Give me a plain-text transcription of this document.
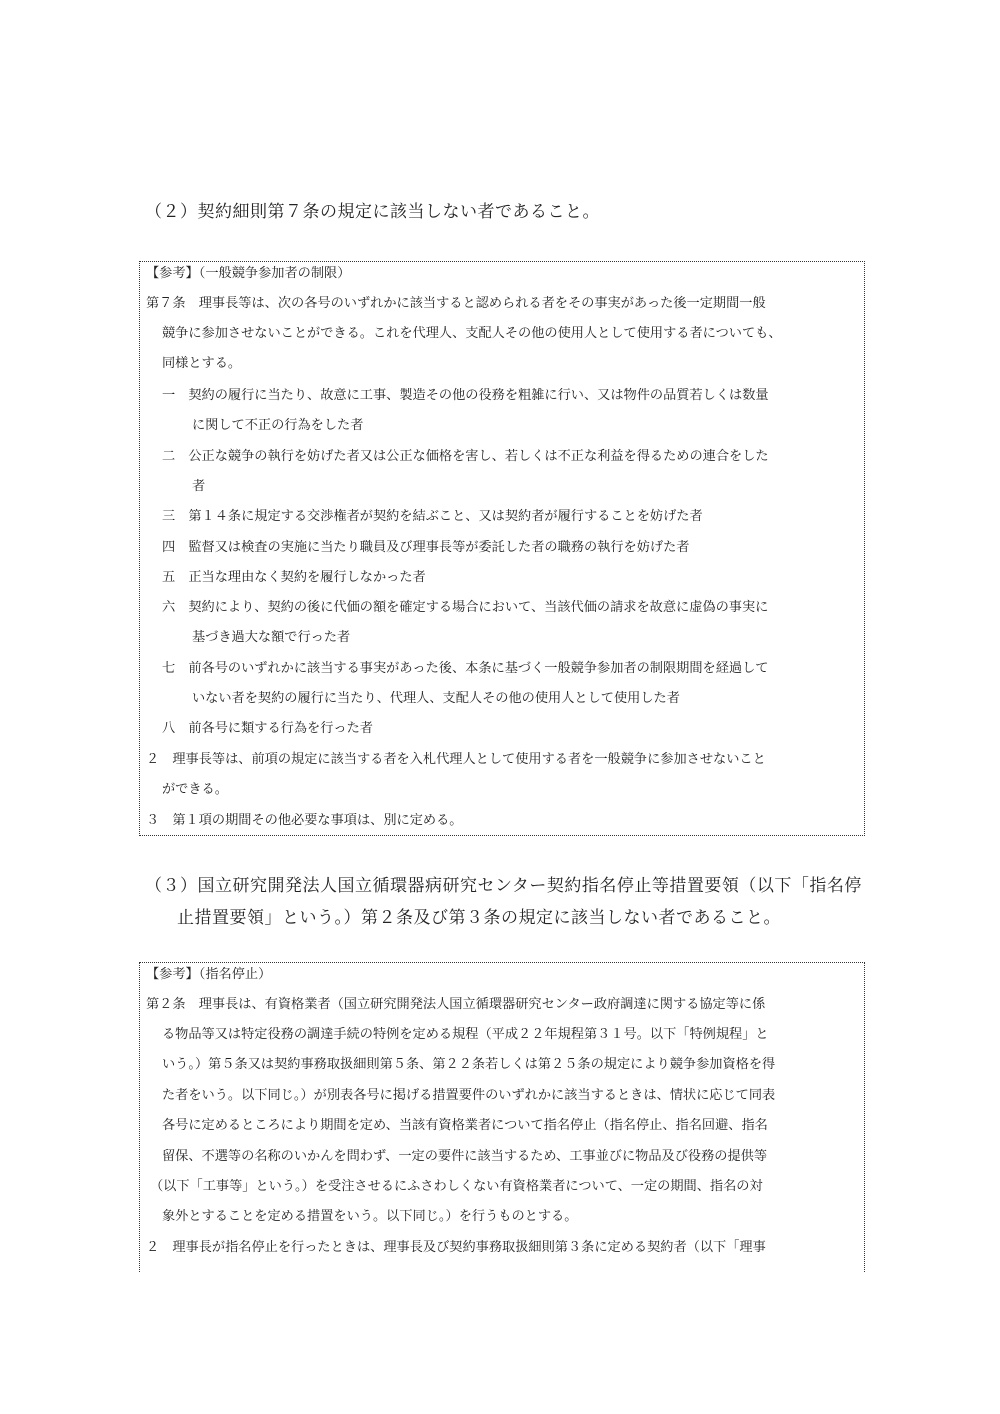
（２）契約細則第７条の規定に該当しない者であること。
【参考】（一般競争参加者の制限）
第７条　理事長等は、次の各号のいずれかに該当すると認められる者をその事実があった後一定期間一般
競争に参加させないことができる。これを代理人、支配人その他の使用人として使用する者についても、
同様とする。
一　契約の履行に当たり、故意に工事、製造その他の役務を粗雑に行い、又は物件の品質若しくは数量
に関して不正の行為をした者
二　公正な競争の執行を妨げた者又は公正な価格を害し、若しくは不正な利益を得るための連合をした
者
三　第１４条に規定する交渉権者が契約を結ぶこと、又は契約者が履行することを妨げた者
四　監督又は検査の実施に当たり職員及び理事長等が委託した者の職務の執行を妨げた者
五　正当な理由なく契約を履行しなかった者
六　契約により、契約の後に代価の額を確定する場合において、当該代価の請求を故意に虚偽の事実に
基づき過大な額で行った者
七　前各号のいずれかに該当する事実があった後、本条に基づく一般競争参加者の制限期間を経過して
いない者を契約の履行に当たり、代理人、支配人その他の使用人として使用した者
八　前各号に類する行為を行った者
２　理事長等は、前項の規定に該当する者を入札代理人として使用する者を一般競争に参加させないこと
ができる。
３　第１項の期間その他必要な事項は、別に定める。
（３）国立研究開発法人国立循環器病研究センター契約指名停止等措置要領（以下「指名停
止措置要領」という。）第２条及び第３条の規定に該当しない者であること。
【参考】（指名停止）
第２条　理事長は、有資格業者（国立研究開発法人国立循環器研究センター政府調達に関する協定等に係
る物品等又は特定役務の調達手続の特例を定める規程（平成２２年規程第３１号。以下「特例規程」と
いう。）第５条又は契約事務取扱細則第５条、第２２条若しくは第２５条の規定により競争参加資格を得
た者をいう。以下同じ。）が別表各号に掲げる措置要件のいずれかに該当するときは、情状に応じて同表
各号に定めるところにより期間を定め、当該有資格業者について指名停止（指名停止、指名回避、指名
留保、不選等の名称のいかんを問わず、一定の要件に該当するため、工事並びに物品及び役務の提供等
（以下「工事等」という。）を受注させるにふさわしくない有資格業者について、一定の期間、指名の対
象外とすることを定める措置をいう。以下同じ。）を行うものとする。
２　理事長が指名停止を行ったときは、理事長及び契約事務取扱細則第３条に定める契約者（以下「理事
